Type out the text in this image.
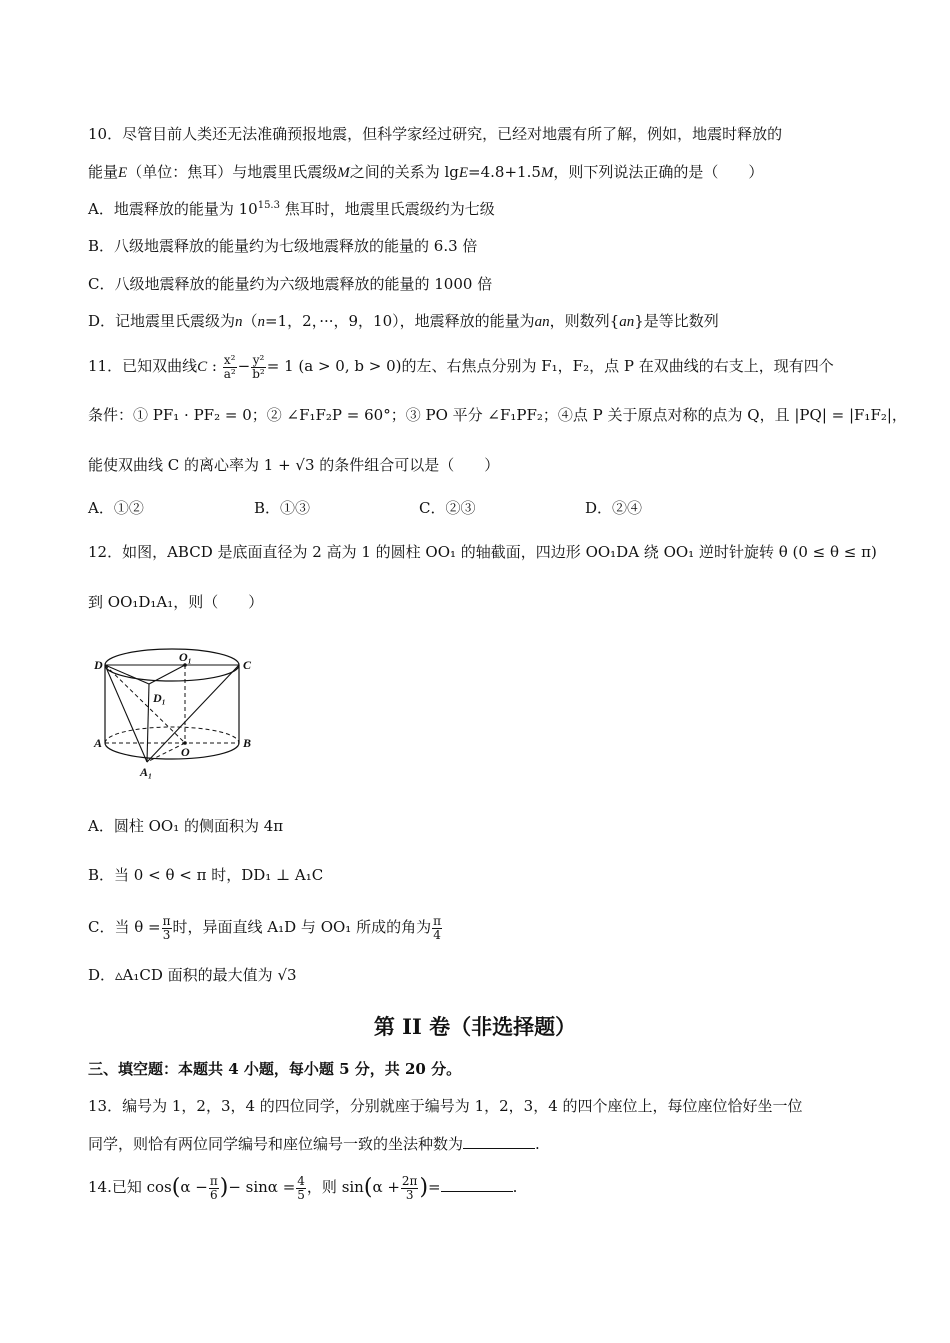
10．尽管目前人类还无法准确预报地震，但科学家经过研究，已经对地震有所了解，例如，地震时释放的
能量E（单位：焦耳）与地震里氏震级M之间的关系为 lgE=4.8+1.5M，则下列说法正确的是（　　）
A．地震释放的能量为 $10^{15.3}$ 焦耳时，地震里氏震级约为七级
B．八级地震释放的能量约为七级地震释放的能量的 6.3 倍
C．八级地震释放的能量约为六级地震释放的能量的 1000 倍
D．记地震里氏震级为n（n=1，2，···，9，10），地震释放的能量为an，则数列{an}是等比数列
11．已知双曲线C : $\frac{\text{x²}}{\text{a²}} - \frac{\text{y²}}{\text{b²}} = 1$ (a > 0, b > 0)的左、右焦点分别为 F₁，F₂，点 P 在双曲线的右支上，现有四个
条件：① PF₁ · PF₂ = 0；② ∠F₁F₂P = 60°；③ PO 平分 ∠F₁PF₂；④点 P 关于原点对称的点为 Q，且 |PQ| = |F₁F₂|，
能使双曲线 C 的离心率为 1 + √3 的条件组合可以是（　　）
A．①②	B．①③	C．②③	D．②④
12．如图，ABCD 是底面直径为 2 高为 1 的圆柱 OO₁ 的轴截面，四边形 OO₁DA 绕 OO₁ 逆时针旋转 θ (0 ≤ θ ≤ π)
到 OO₁D₁A₁，则（　　）
D
O₁
C
D₁
A
O
B
A₁
A．圆柱 OO₁ 的侧面积为 4π
B．当 0 < θ < π 时，DD₁ ⊥ A₁C
C．当 $\theta = \frac{\pi}{3}$ 时，异面直线 A₁D 与 OO₁ 所成的角为 $\frac{\pi}{4}$
D．▵A₁CD 面积的最大值为 √3
第 II 卷（非选择题）
三、填空题：本题共 4 小题，每小题 5 分，共 20 分。
13．编号为 1，2，3，4 的四位同学，分别就座于编号为 1，2，3，4 的四个座位上，每位座位恰好坐一位
同学，则恰有两位同学编号和座位编号一致的坐法种数为	.
14.已知 $\cos(\alpha - \frac{\pi}{6}$ )− $\sin\alpha = \frac{4}{5}$ ，则 $\sin(\alpha + \frac{2\pi}{3}$ )=	.
